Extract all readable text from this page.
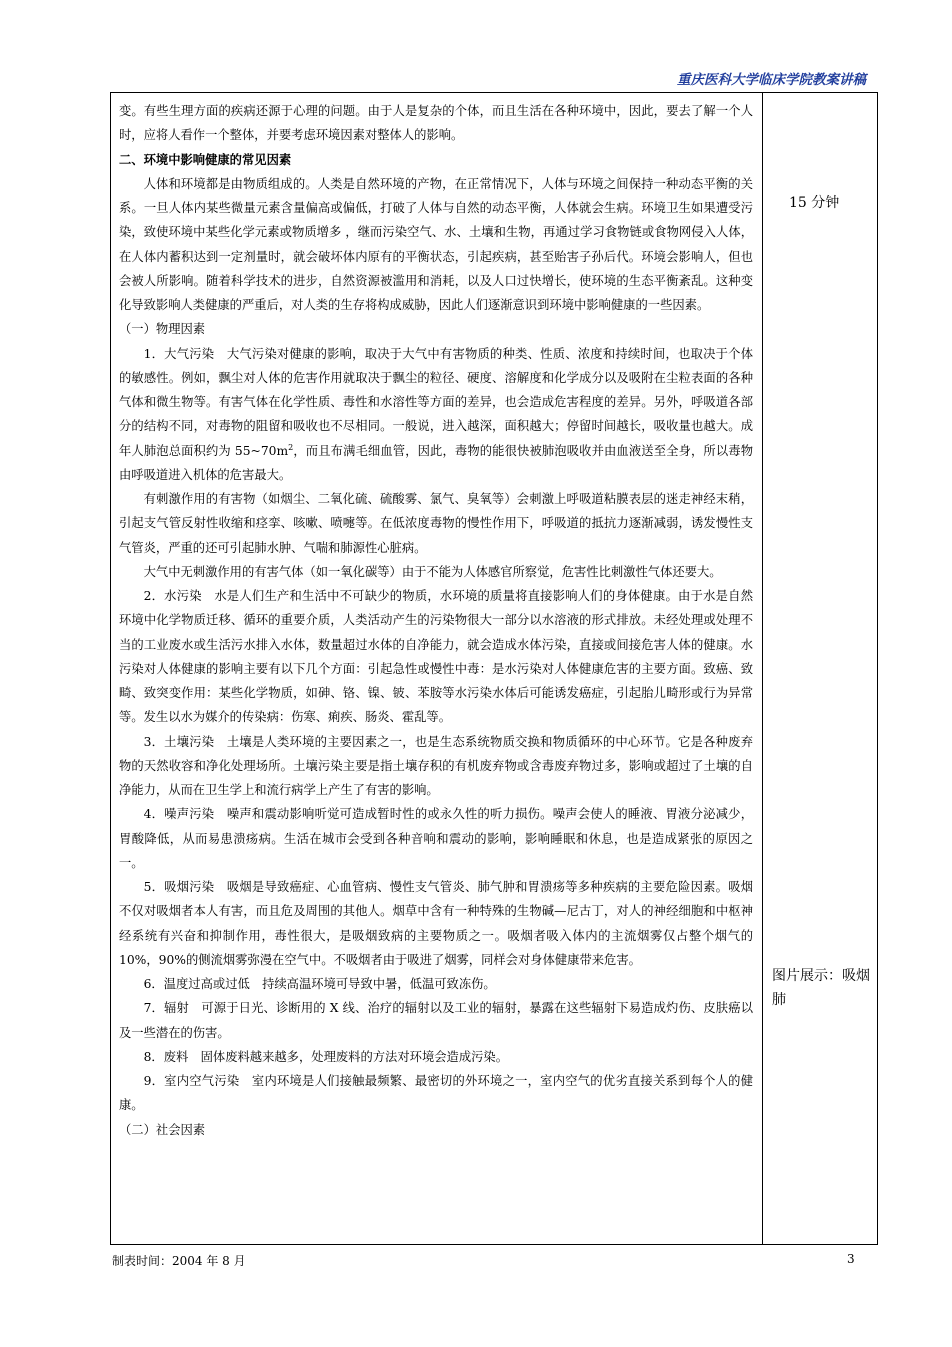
重庆医科大学临床学院教案讲稿

变。有些生理方面的疾病还源于心理的问题。由于人是复杂的个体，而且生活在各种环境中，因此，要去了解一个人时，应将人看作一个整体，并要考虑环境因素对整体人的影响。

二、环境中影响健康的常见因素

人体和环境都是由物质组成的。人类是自然环境的产物，在正常情况下，人体与环境之间保持一种动态平衡的关系。一旦人体内某些微量元素含量偏高或偏低，打破了人体与自然的动态平衡，人体就会生病。环境卫生如果遭受污染，致使环境中某些化学元素或物质增多 ，继而污染空气、水、土壤和生物，再通过学习食物链或食物网侵入人体，在人体内蓄积达到一定剂量时，就会破坏体内原有的平衡状态，引起疾病，甚至贻害子孙后代。环境会影响人，但也会被人所影响。随着科学技术的进步，自然资源被滥用和消耗，以及人口过快增长，使环境的生态平衡紊乱。这种变化导致影响人类健康的严重后，对人类的生存将构成威胁，因此人们逐渐意识到环境中影响健康的一些因素。

（一）物理因素

1．大气污染　大气污染对健康的影响，取决于大气中有害物质的种类、性质、浓度和持续时间，也取决于个体的敏感性。例如，飘尘对人体的危害作用就取决于飘尘的粒径、硬度、溶解度和化学成分以及吸附在尘粒表面的各种气体和微生物等。有害气体在化学性质、毒性和水溶性等方面的差异，也会造成危害程度的差异。另外，呼吸道各部分的结构不同，对毒物的阻留和吸收也不尽相同。一般说，进入越深，面积越大；停留时间越长，吸收量也越大。成年人肺泡总面积约为 $55\sim 70m^2$，而且布满毛细血管，因此，毒物的能很快被肺泡吸收并由血液送至全身，所以毒物由呼吸道进入机体的危害最大。

有刺激作用的有害物（如烟尘、二氧化硫、硫酸雾、氯气、臭氧等）会刺激上呼吸道粘膜表层的迷走神经末稍，引起支气管反射性收缩和痉挛、咳嗽、喷嚏等。在低浓度毒物的慢性作用下，呼吸道的抵抗力逐渐减弱，诱发慢性支气管炎，严重的还可引起肺水肿、气喘和肺源性心脏病。

大气中无刺激作用的有害气体（如一氧化碳等）由于不能为人体感官所察觉，危害性比刺激性气体还要大。

2．水污染　水是人们生产和生活中不可缺少的物质，水环境的质量将直接影响人们的身体健康。由于水是自然环境中化学物质迁移、循环的重要介质，人类活动产生的污染物很大一部分以水溶液的形式排放。未经处理或处理不当的工业废水或生活污水排入水体，数量超过水体的自净能力，就会造成水体污染，直接或间接危害人体的健康。水污染对人体健康的影响主要有以下几个方面：引起急性或慢性中毒：是水污染对人体健康危害的主要方面。致癌、致畸、致突变作用：某些化学物质，如砷、铬、镍、铍、苯胺等水污染水体后可能诱发癌症，引起胎儿畸形或行为异常等。发生以水为媒介的传染病：伤寒、痢疾、肠炎、霍乱等。

3．土壤污染　土壤是人类环境的主要因素之一，也是生态系统物质交换和物质循环的中心环节。它是各种废弃物的天然收容和净化处理场所。土壤污染主要是指土壤存积的有机废弃物或含毒废弃物过多，影响或超过了土壤的自净能力，从而在卫生学上和流行病学上产生了有害的影响。

4．噪声污染　噪声和震动影响听觉可造成暂时性的或永久性的听力损伤。噪声会使人的睡液、胃液分泌减少，胃酸降低，从而易患溃疡病。生活在城市会受到各种音响和震动的影响，影响睡眠和休息，也是造成紧张的原因之一。

5．吸烟污染　吸烟是导致癌症、心血管病、慢性支气管炎、肺气肿和胃溃疡等多种疾病的主要危险因素。吸烟不仅对吸烟者本人有害，而且危及周围的其他人。烟草中含有一种特殊的生物碱—尼古丁，对人的神经细胞和中枢神经系统有兴奋和抑制作用，毒性很大，是吸烟致病的主要物质之一。吸烟者吸入体内的主流烟雾仅占整个烟气的 10%，90%的侧流烟雾弥漫在空气中。不吸烟者由于吸进了烟雾，同样会对身体健康带来危害。

6．温度过高或过低　持续高温环境可导致中暑，低温可致冻伤。

7．辐射　可源于日光、诊断用的 X 线、治疗的辐射以及工业的辐射，暴露在这些辐射下易造成灼伤、皮肤癌以及一些潜在的伤害。

8．废料　固体废料越来越多，处理废料的方法对环境会造成污染。

9．室内空气污染　室内环境是人们接触最频繁、最密切的外环境之一，室内空气的优劣直接关系到每个人的健康。

（二）社会因素

15 分钟
图片展示：吸烟肺
制表时间：2004 年 8 月	3
